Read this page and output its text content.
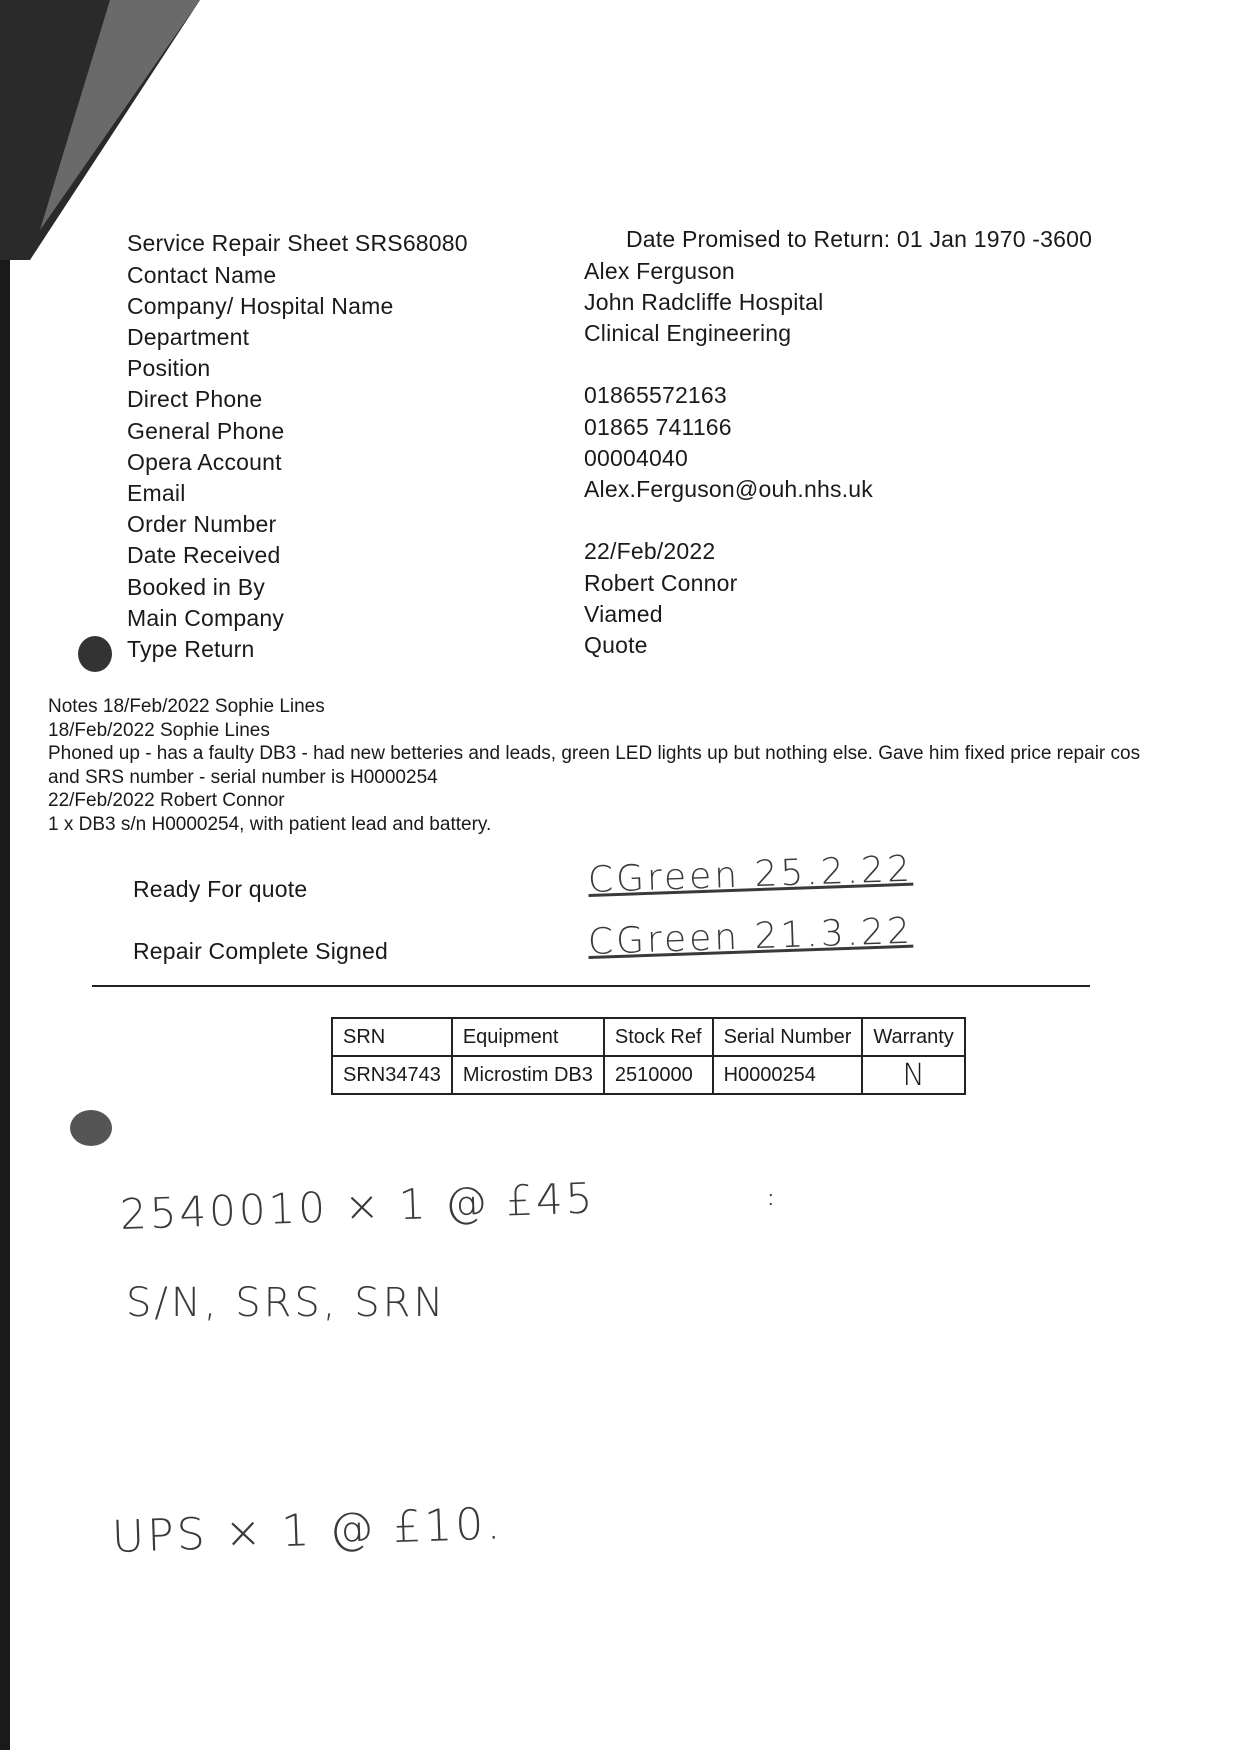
Service Repair Sheet SRS68080	Date Promised to Return: 01 Jan 1970 -3600
Contact Name	Alex Ferguson
Company/ Hospital Name	John Radcliffe Hospital
Department	Clinical Engineering
Position
Direct Phone	01865572163
General Phone	01865 741166
Opera Account	00004040
Email	Alex.Ferguson@ouh.nhs.uk
Order Number
Date Received	22/Feb/2022
Booked in By	Robert Connor
Main Company	Viamed
Type Return	Quote
Notes 18/Feb/2022 Sophie Lines
18/Feb/2022 Sophie Lines
Phoned up - has a faulty DB3 - had new betteries and leads, green LED lights up but nothing else. Gave him fixed price repair cos
and SRS number - serial number is H0000254
22/Feb/2022 Robert Connor
1 x DB3 s/n H0000254, with patient lead and battery.
Ready For quote	CGreen 25.2.22
Repair Complete Signed	CGreen 21.3.22
SRN	Equipment	Stock Ref	Serial Number	Warranty
SRN34743	Microstim DB3	2510000	H0000254	N
2540010 × 1 @ £45	:
S/N, SRS, SRN
UPS × 1 @ £10.
